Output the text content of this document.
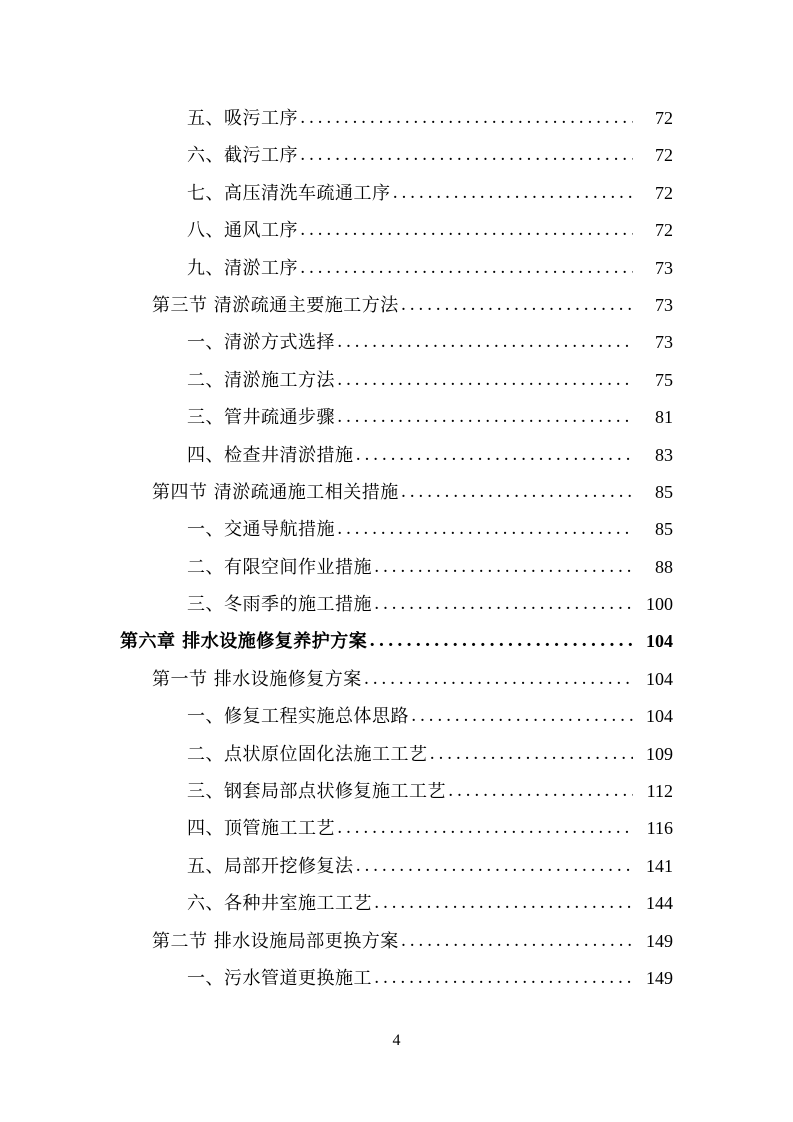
五、吸污工序 .....	72
六、截污工序 .....	72
七、高压清洗车疏通工序 .....	72
八、通风工序 .....	72
九、清淤工序 .....	73
第三节 清淤疏通主要施工方法 .....	73
一、清淤方式选择 .....	73
二、清淤施工方法 .....	75
三、管井疏通步骤 .....	81
四、检查井清淤措施 .....	83
第四节 清淤疏通施工相关措施 .....	85
一、交通导航措施 .....	85
二、有限空间作业措施 .....	88
三、冬雨季的施工措施 .....	100
第六章 排水设施修复养护方案 .....	104
第一节 排水设施修复方案 .....	104
一、修复工程实施总体思路 .....	104
二、点状原位固化法施工工艺 .....	109
三、钢套局部点状修复施工工艺 .....	112
四、顶管施工工艺 .....	116
五、局部开挖修复法 .....	141
六、各种井室施工工艺 .....	144
第二节 排水设施局部更换方案 .....	149
一、污水管道更换施工 .....	149
4
